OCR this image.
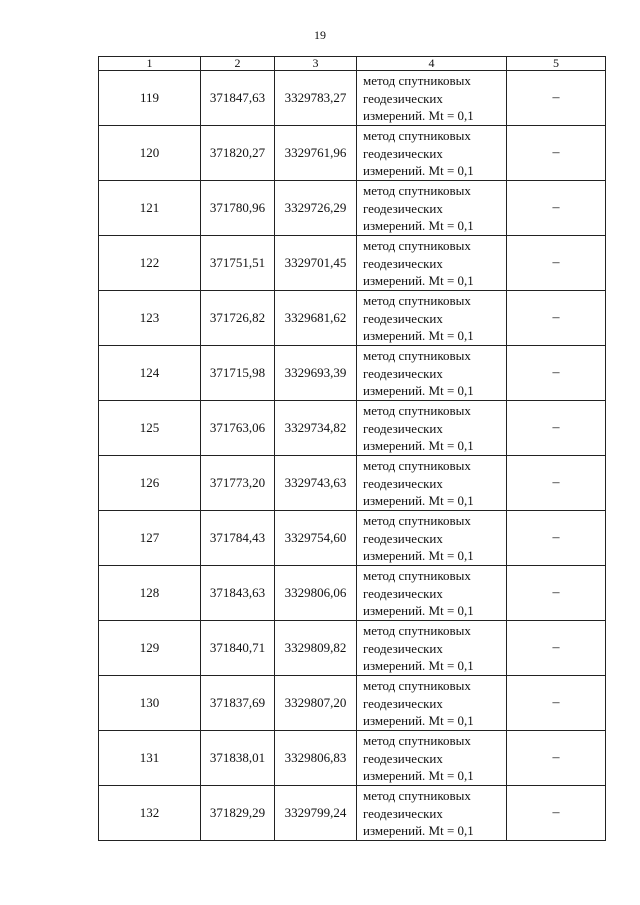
19
1	2	3	4	5
119	371847,63	3329783,27	метод спутниковых
геодезических
измерений. Mt = 0,1	–
120	371820,27	3329761,96	метод спутниковых
геодезических
измерений. Mt = 0,1	–
121	371780,96	3329726,29	метод спутниковых
геодезических
измерений. Mt = 0,1	–
122	371751,51	3329701,45	метод спутниковых
геодезических
измерений. Mt = 0,1	–
123	371726,82	3329681,62	метод спутниковых
геодезических
измерений. Mt = 0,1	–
124	371715,98	3329693,39	метод спутниковых
геодезических
измерений. Mt = 0,1	–
125	371763,06	3329734,82	метод спутниковых
геодезических
измерений. Mt = 0,1	–
126	371773,20	3329743,63	метод спутниковых
геодезических
измерений. Mt = 0,1	–
127	371784,43	3329754,60	метод спутниковых
геодезических
измерений. Mt = 0,1	–
128	371843,63	3329806,06	метод спутниковых
геодезических
измерений. Mt = 0,1	–
129	371840,71	3329809,82	метод спутниковых
геодезических
измерений. Mt = 0,1	–
130	371837,69	3329807,20	метод спутниковых
геодезических
измерений. Mt = 0,1	–
131	371838,01	3329806,83	метод спутниковых
геодезических
измерений. Mt = 0,1	–
132	371829,29	3329799,24	метод спутниковых
геодезических
измерений. Mt = 0,1	–
